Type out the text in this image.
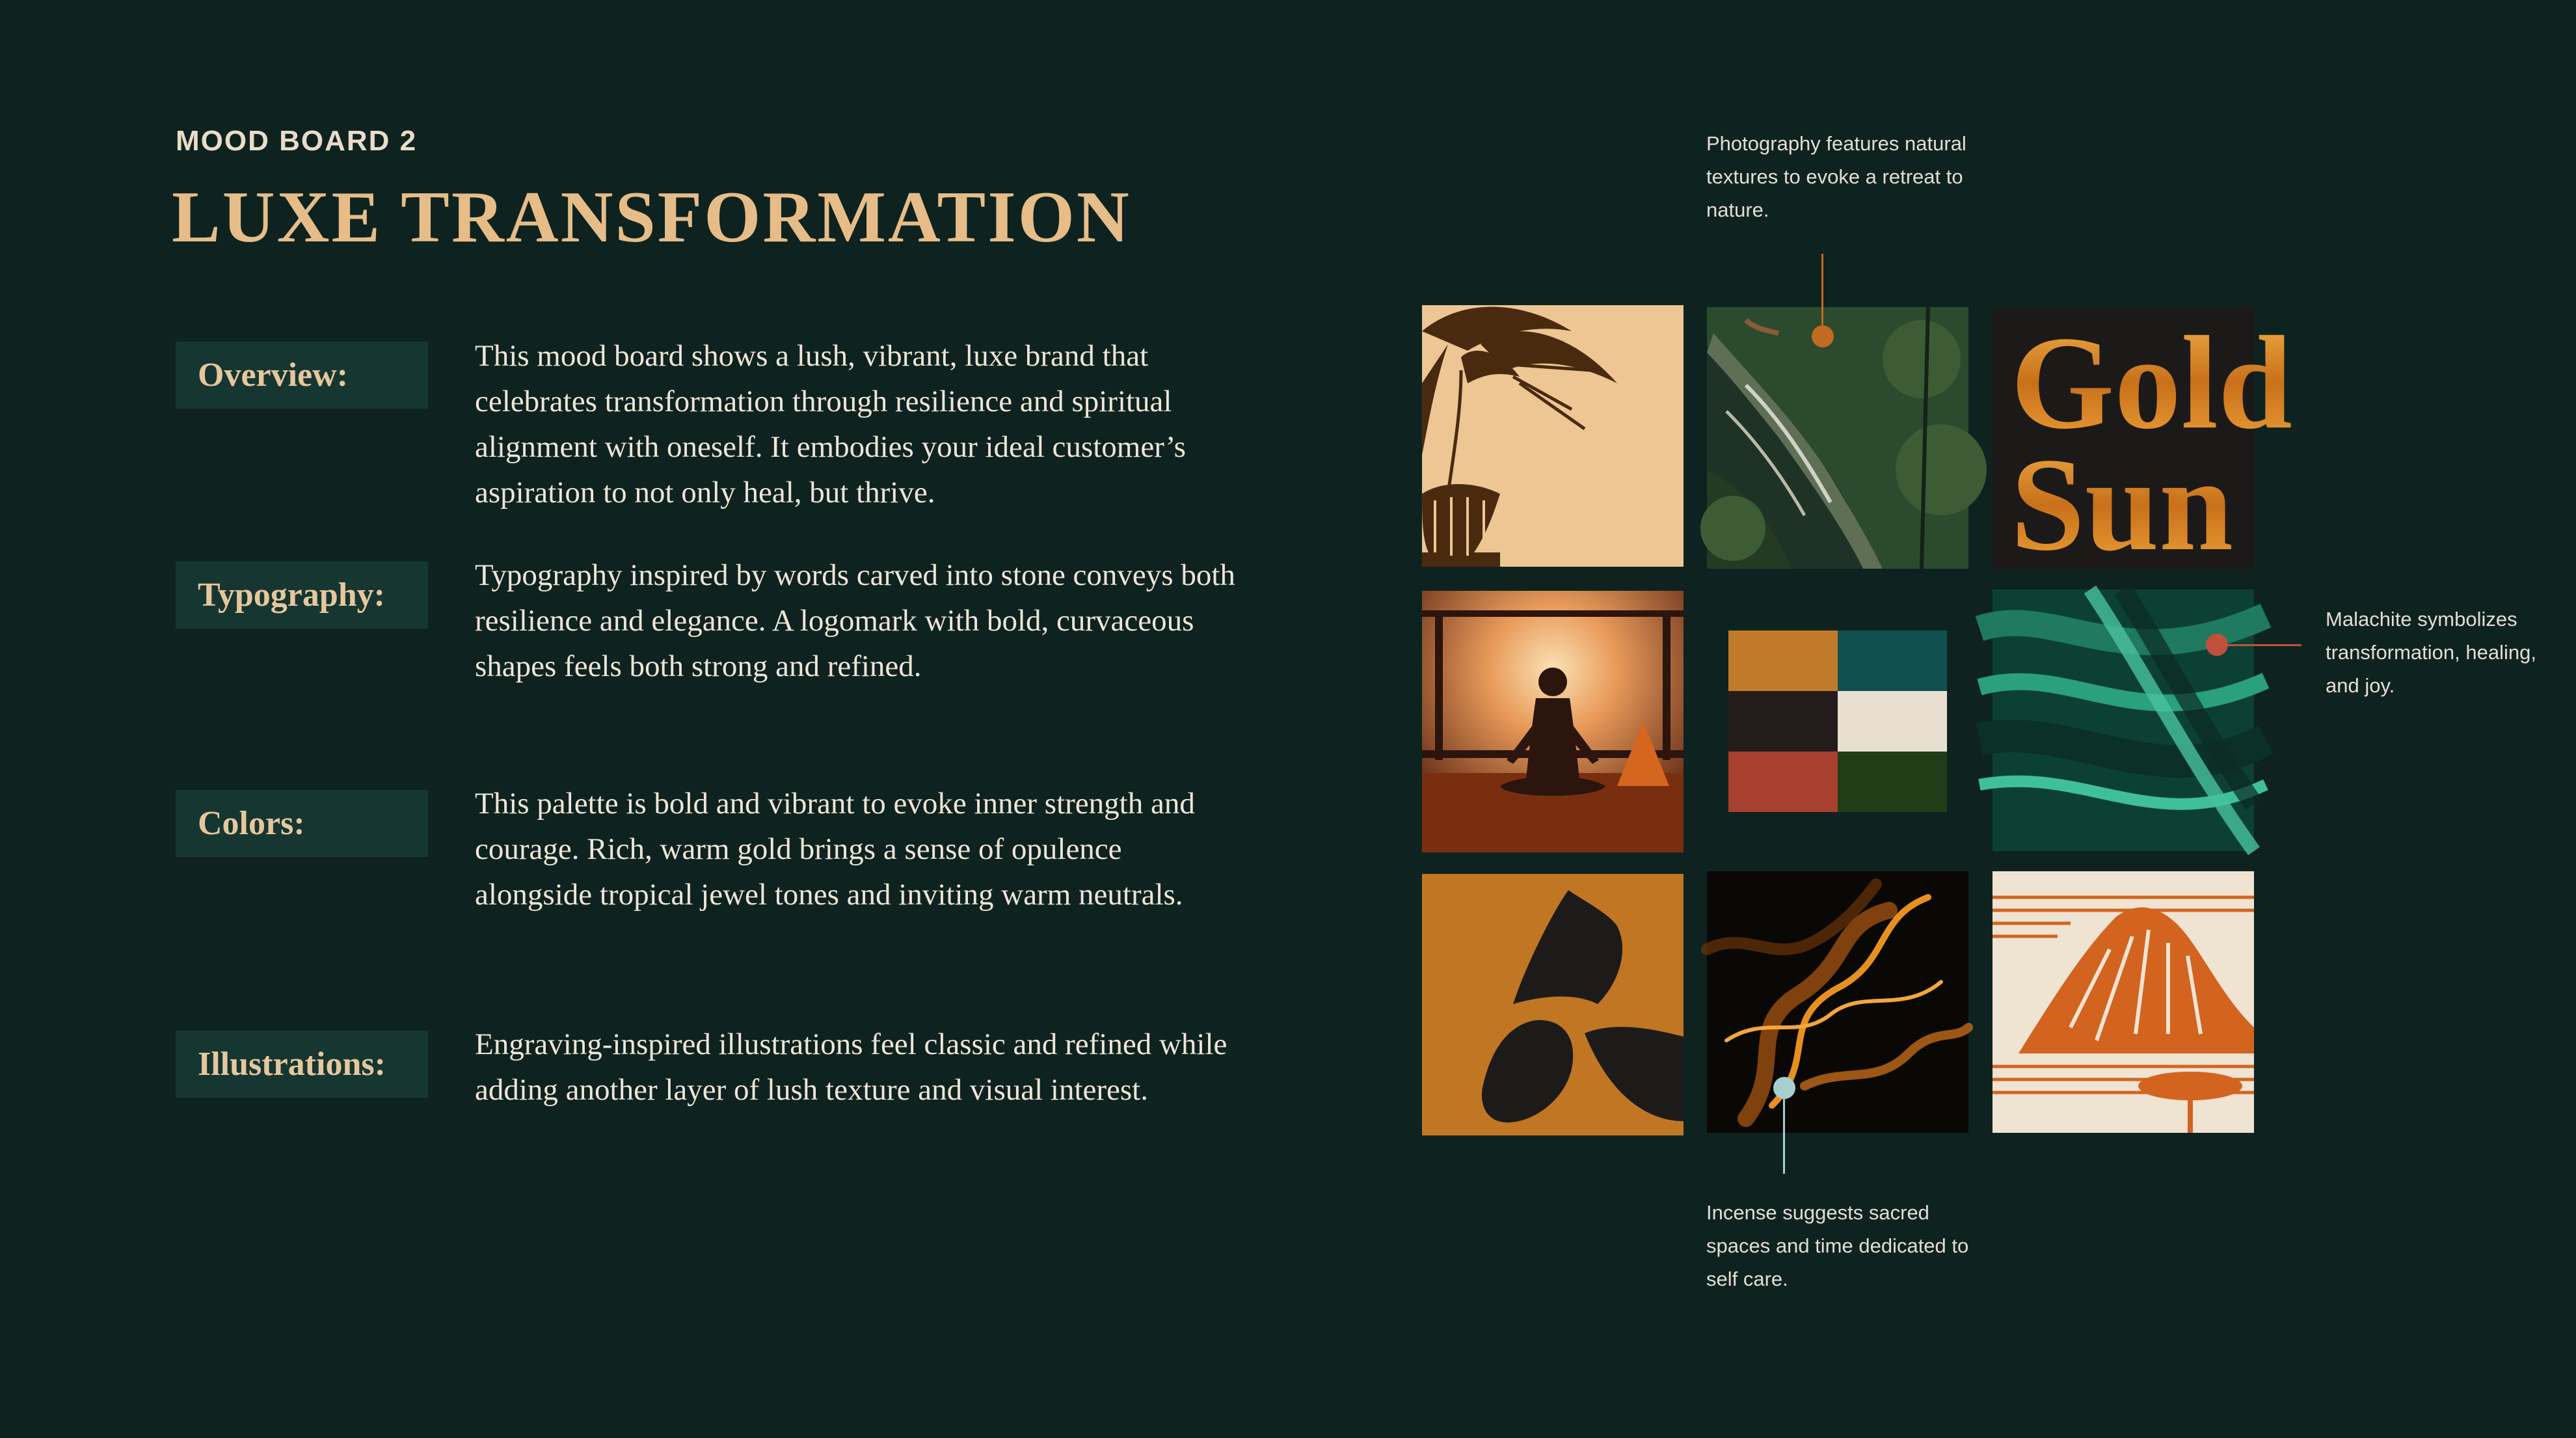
MOOD BOARD 2
LUXE TRANSFORMATION
Overview:
This mood board shows a lush, vibrant, luxe brand that celebrates transformation through resilience and spiritual alignment with oneself. It embodies your ideal customer’s aspiration to not only heal, but thrive.
Typography:
Typography inspired by words carved into stone conveys both resilience and elegance. A logomark with bold, curvaceous shapes feels both strong and refined.
Colors:
This palette is bold and vibrant to evoke inner strength and courage. Rich, warm gold brings a sense of opulence alongside tropical jewel tones and inviting warm neutrals.
Illustrations:
Engraving-inspired illustrations feel classic and refined while adding another layer of lush texture and visual interest.
Gold
Sun
Photography features natural textures to evoke a retreat to nature.
Malachite symbolizes transformation, healing, and joy.
Incense suggests sacred spaces and time dedicated to self care.
